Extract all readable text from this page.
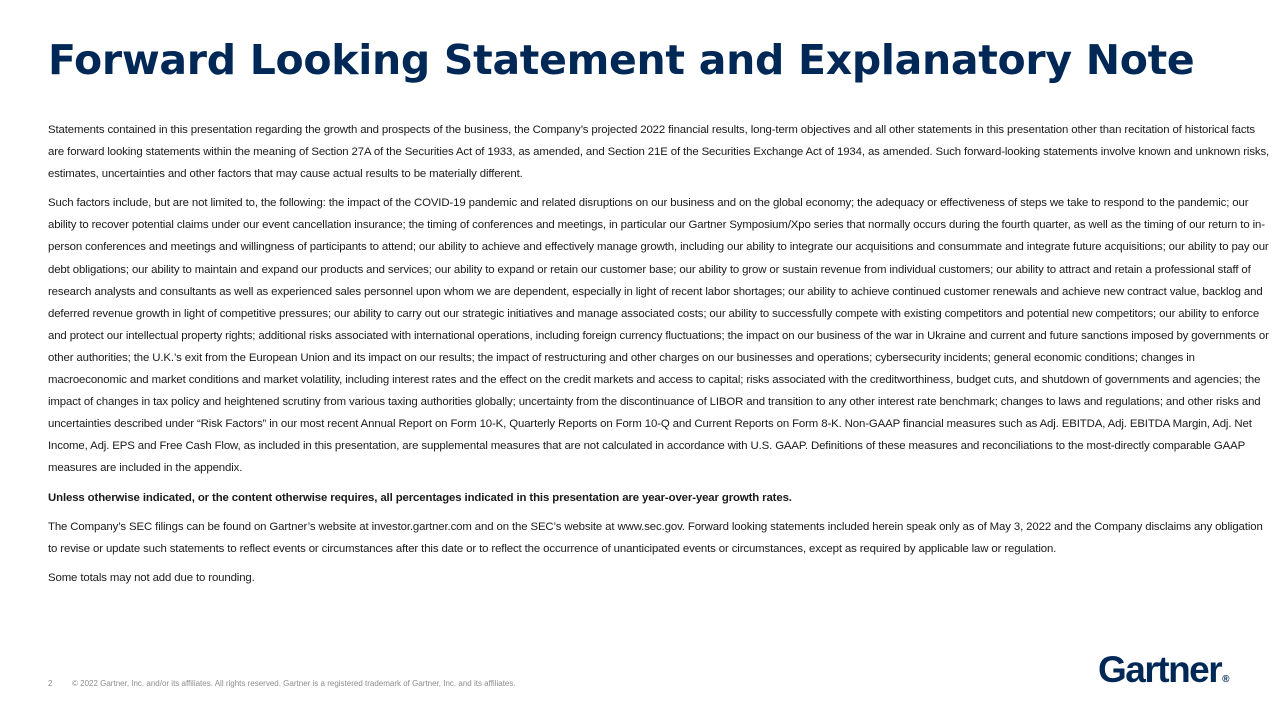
Forward Looking Statement and Explanatory Note

Statements contained in this presentation regarding the growth and prospects of the business, the Company’s projected 2022 financial results, long-term objectives and all other statements in this presentation other than recitation of historical facts are forward looking statements within the meaning of Section 27A of the Securities Act of 1933, as amended, and Section 21E of the Securities Exchange Act of 1934, as amended. Such forward-looking statements involve known and unknown risks, estimates, uncertainties and other factors that may cause actual results to be materially different.

Such factors include, but are not limited to, the following: the impact of the COVID-19 pandemic and related disruptions on our business and on the global economy; the adequacy or effectiveness of steps we take to respond to the pandemic; our ability to recover potential claims under our event cancellation insurance; the timing of conferences and meetings, in particular our Gartner Symposium/Xpo series that normally occurs during the fourth quarter, as well as the timing of our return to in-person conferences and meetings and willingness of participants to attend; our ability to achieve and effectively manage growth, including our ability to integrate our acquisitions and consummate and integrate future acquisitions; our ability to pay our debt obligations; our ability to maintain and expand our products and services; our ability to expand or retain our customer base; our ability to grow or sustain revenue from individual customers; our ability to attract and retain a professional staff of research analysts and consultants as well as experienced sales personnel upon whom we are dependent, especially in light of recent labor shortages; our ability to achieve continued customer renewals and achieve new contract value, backlog and deferred revenue growth in light of competitive pressures; our ability to carry out our strategic initiatives and manage associated costs; our ability to successfully compete with existing competitors and potential new competitors; our ability to enforce and protect our intellectual property rights; additional risks associated with international operations, including foreign currency fluctuations; the impact on our business of the war in Ukraine and current and future sanctions imposed by governments or other authorities; the U.K.’s exit from the European Union and its impact on our results; the impact of restructuring and other charges on our businesses and operations; cybersecurity incidents; general economic conditions; changes in macroeconomic and market conditions and market volatility, including interest rates and the effect on the credit markets and access to capital; risks associated with the creditworthiness, budget cuts, and shutdown of governments and agencies; the impact of changes in tax policy and heightened scrutiny from various taxing authorities globally; uncertainty from the discontinuance of LIBOR and transition to any other interest rate benchmark; changes to laws and regulations; and other risks and uncertainties described under “Risk Factors” in our most recent Annual Report on Form 10-K, Quarterly Reports on Form 10-Q and Current Reports on Form 8-K. Non-GAAP financial measures such as Adj. EBITDA, Adj. EBITDA Margin, Adj. Net Income, Adj. EPS and Free Cash Flow, as included in this presentation, are supplemental measures that are not calculated in accordance with U.S. GAAP. Definitions of these measures and reconciliations to the most-directly comparable GAAP measures are included in the appendix.

Unless otherwise indicated, or the content otherwise requires, all percentages indicated in this presentation are year-over-year growth rates.

The Company’s SEC filings can be found on Gartner’s website at investor.gartner.com and on the SEC’s website at www.sec.gov. Forward looking statements included herein speak only as of May 3, 2022 and the Company disclaims any obligation to revise or update such statements to reflect events or circumstances after this date or to reflect the occurrence of unanticipated events or circumstances, except as required by applicable law or regulation.

Some totals may not add due to rounding.

2	© 2022 Gartner, Inc. and/or its affiliates. All rights reserved. Gartner is a registered trademark of Gartner, Inc. and its affiliates.	Gartner®
